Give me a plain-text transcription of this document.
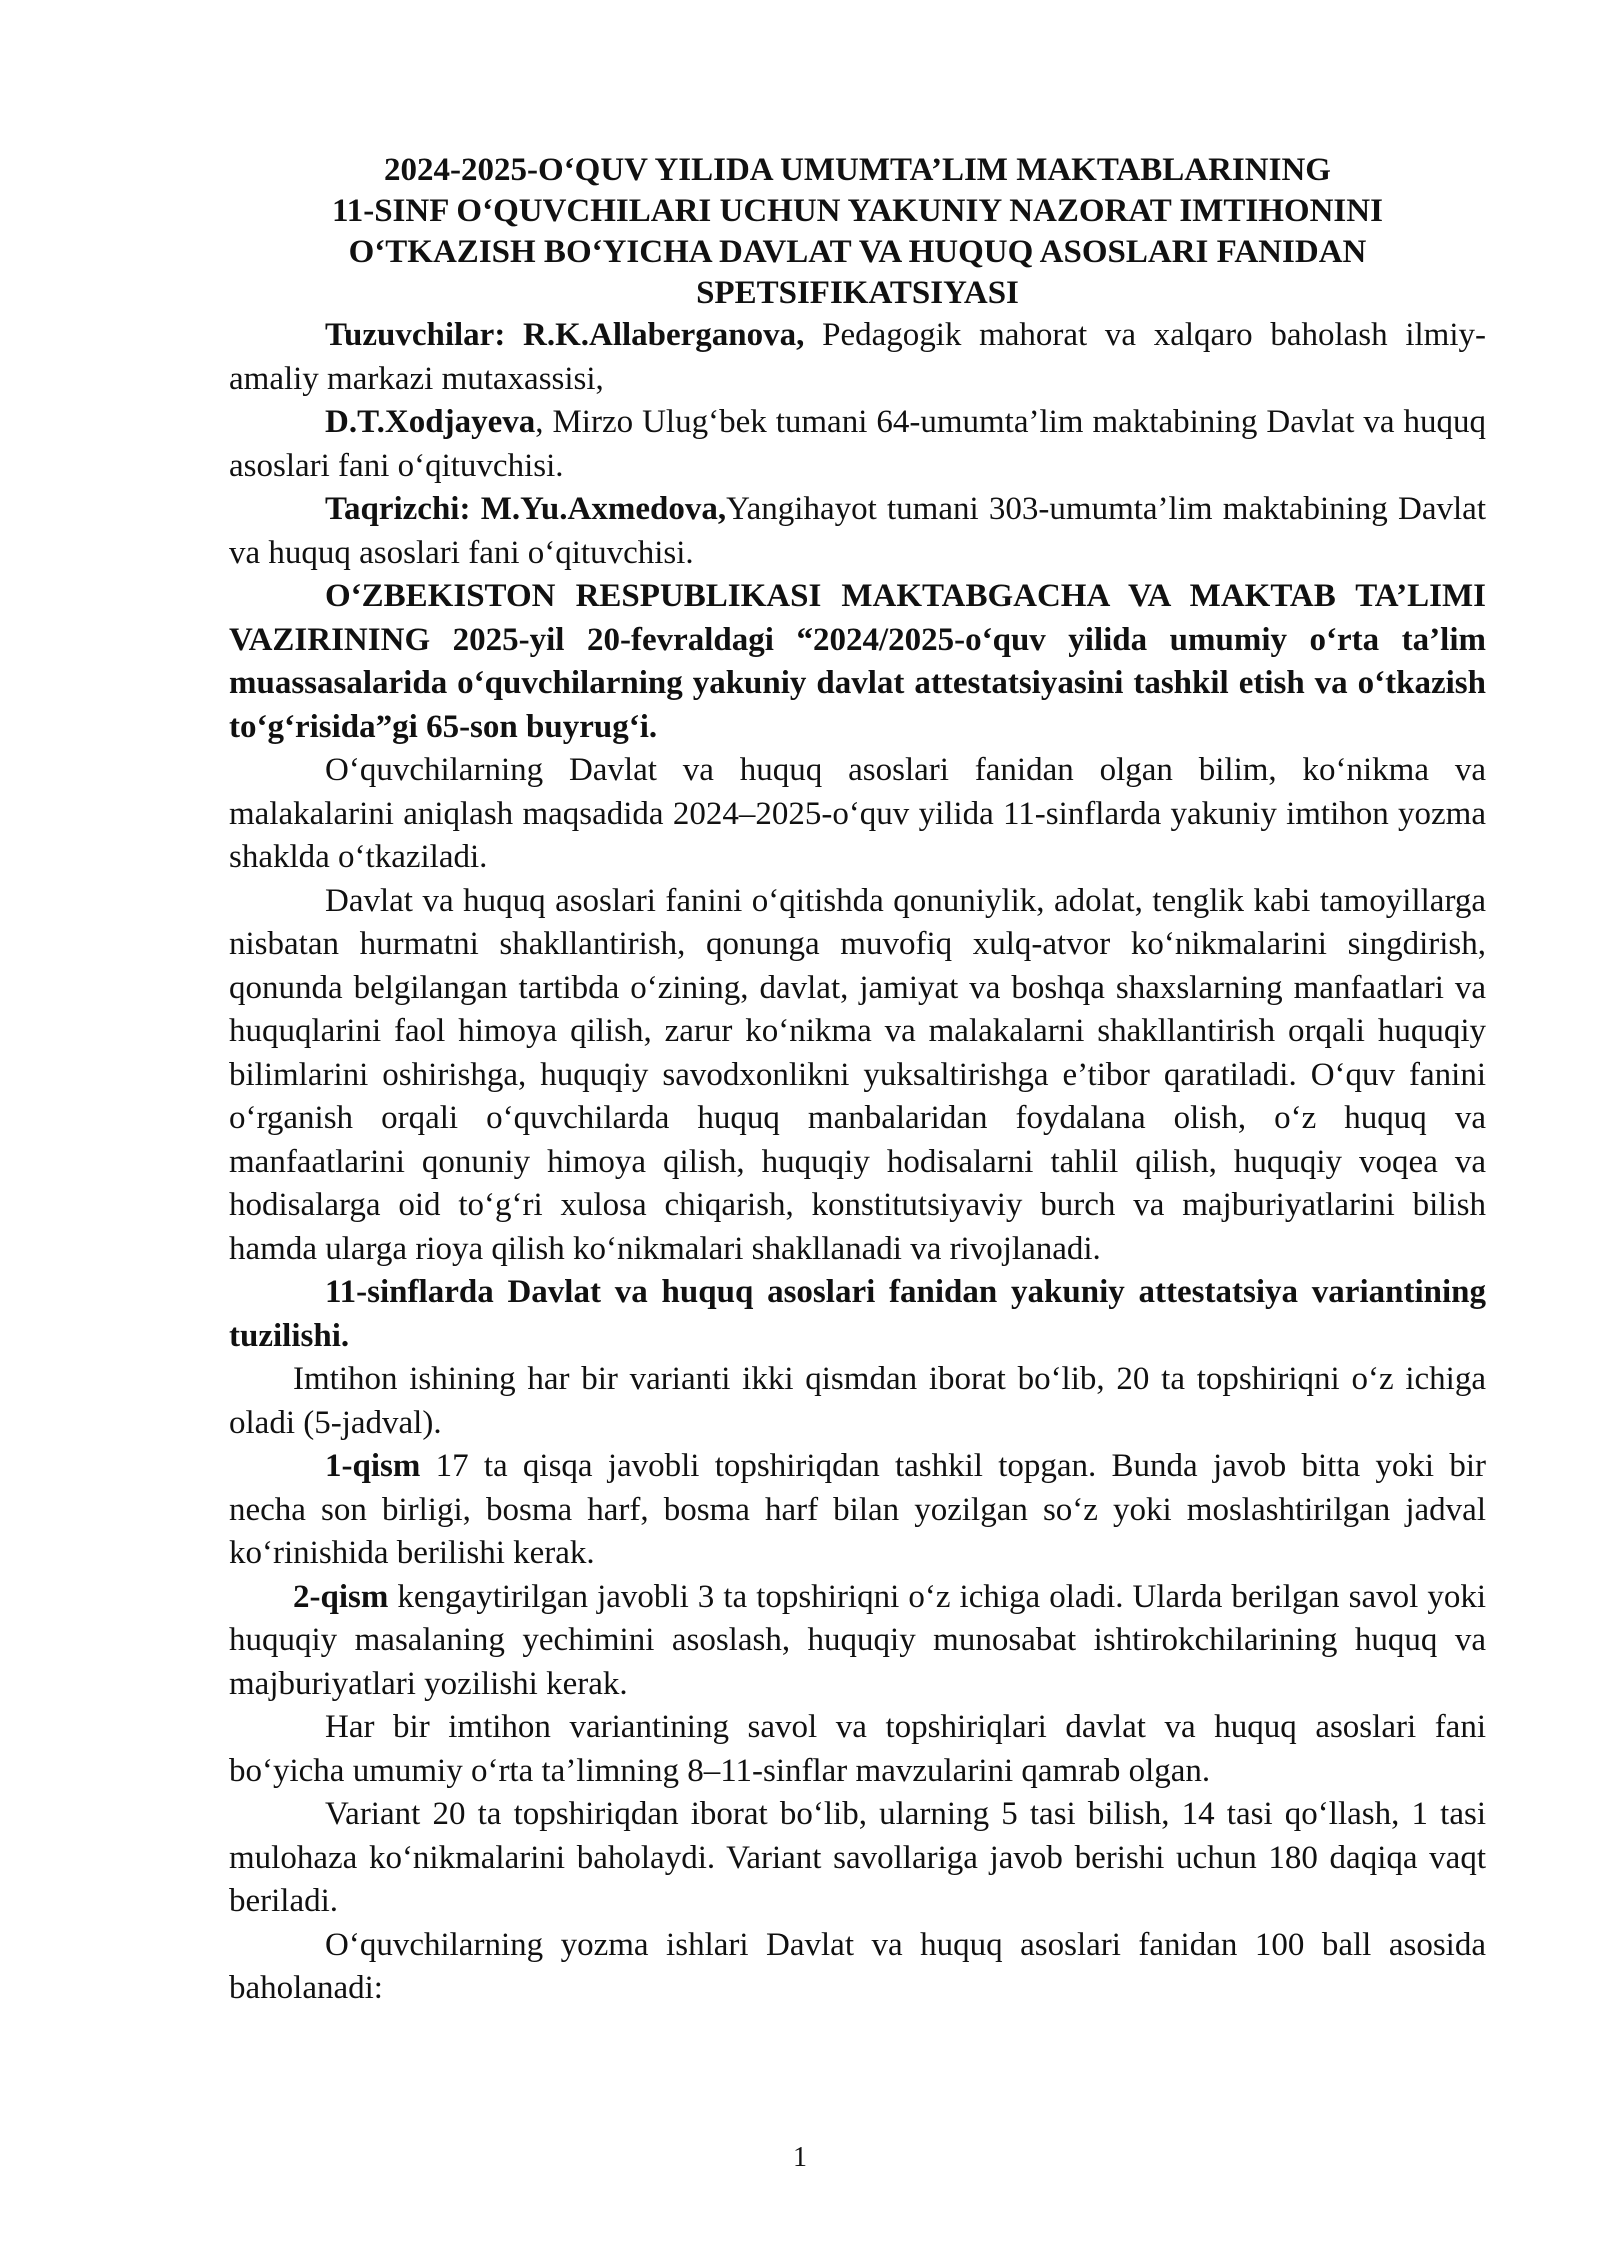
2024-2025-O‘QUV YILIDA UMUMTA’LIM MAKTABLARINING
11-SINF O‘QUVCHILARI UCHUN YAKUNIY NAZORAT IMTIHONINI
O‘TKAZISH BO‘YICHA DAVLAT VA HUQUQ ASOSLARI FANIDAN
SPETSIFIKATSIYASI

Tuzuvchilar: R.K.Allaberganova, Pedagogik mahorat va xalqaro baholash ilmiy-amaliy markazi mutaxassisi,

D.T.Xodjayeva, Mirzo Ulug‘bek tumani 64-umumta’lim maktabining Davlat va huquq asoslari fani o‘qituvchisi.

Taqrizchi: M.Yu.Axmedova,Yangihayot tumani 303-umumta’lim maktabining Davlat va huquq asoslari fani o‘qituvchisi.

O‘ZBEKISTON RESPUBLIKASI MAKTABGACHA VA MAKTAB TA’LIMI VAZIRINING 2025-yil 20-fevraldagi “2024/2025-o‘quv yilida umumiy o‘rta ta’lim muassasalarida o‘quvchilarning yakuniy davlat attestatsiyasini tashkil etish va o‘tkazish to‘g‘risida”gi 65-son buyrug‘i.

O‘quvchilarning Davlat va huquq asoslari fanidan olgan bilim, ko‘nikma va malakalarini aniqlash maqsadida 2024–2025-o‘quv yilida 11-sinflarda yakuniy imtihon yozma shaklda o‘tkaziladi.

Davlat va huquq asoslari fanini o‘qitishda qonuniylik, adolat, tenglik kabi tamoyillarga nisbatan hurmatni shakllantirish, qonunga muvofiq xulq-atvor ko‘nikmalarini singdirish, qonunda belgilangan tartibda o‘zining, davlat, jamiyat va boshqa shaxslarning manfaatlari va huquqlarini faol himoya qilish, zarur ko‘nikma va malakalarni shakllantirish orqali huquqiy bilimlarini oshirishga, huquqiy savodxonlikni yuksaltirishga e’tibor qaratiladi. O‘quv fanini o‘rganish orqali o‘quvchilarda huquq manbalaridan foydalana olish, o‘z huquq va manfaatlarini qonuniy himoya qilish, huquqiy hodisalarni tahlil qilish, huquqiy voqea va hodisalarga oid to‘g‘ri xulosa chiqarish, konstitutsiyaviy burch va majburiyatlarini bilish hamda ularga rioya qilish ko‘nikmalari shakllanadi va rivojlanadi.

11-sinflarda Davlat va huquq asoslari fanidan yakuniy attestatsiya variantining tuzilishi.

Imtihon ishining har bir varianti ikki qismdan iborat bo‘lib, 20 ta topshiriqni o‘z ichiga oladi (5-jadval).

1-qism 17 ta qisqa javobli topshiriqdan tashkil topgan. Bunda javob bitta yoki bir necha son birligi, bosma harf, bosma harf bilan yozilgan so‘z yoki moslashtirilgan jadval ko‘rinishida berilishi kerak.

2-qism kengaytirilgan javobli 3 ta topshiriqni o‘z ichiga oladi. Ularda berilgan savol yoki huquqiy masalaning yechimini asoslash, huquqiy munosabat ishtirokchilarining huquq va majburiyatlari yozilishi kerak.

Har bir imtihon variantining savol va topshiriqlari davlat va huquq asoslari fani bo‘yicha umumiy o‘rta ta’limning 8–11-sinflar mavzularini qamrab olgan.

Variant 20 ta topshiriqdan iborat bo‘lib, ularning 5 tasi bilish, 14 tasi qo‘llash, 1 tasi mulohaza ko‘nikmalarini baholaydi. Variant savollariga javob berishi uchun 180 daqiqa vaqt beriladi.

O‘quvchilarning yozma ishlari Davlat va huquq asoslari fanidan 100 ball asosida baholanadi:

1
